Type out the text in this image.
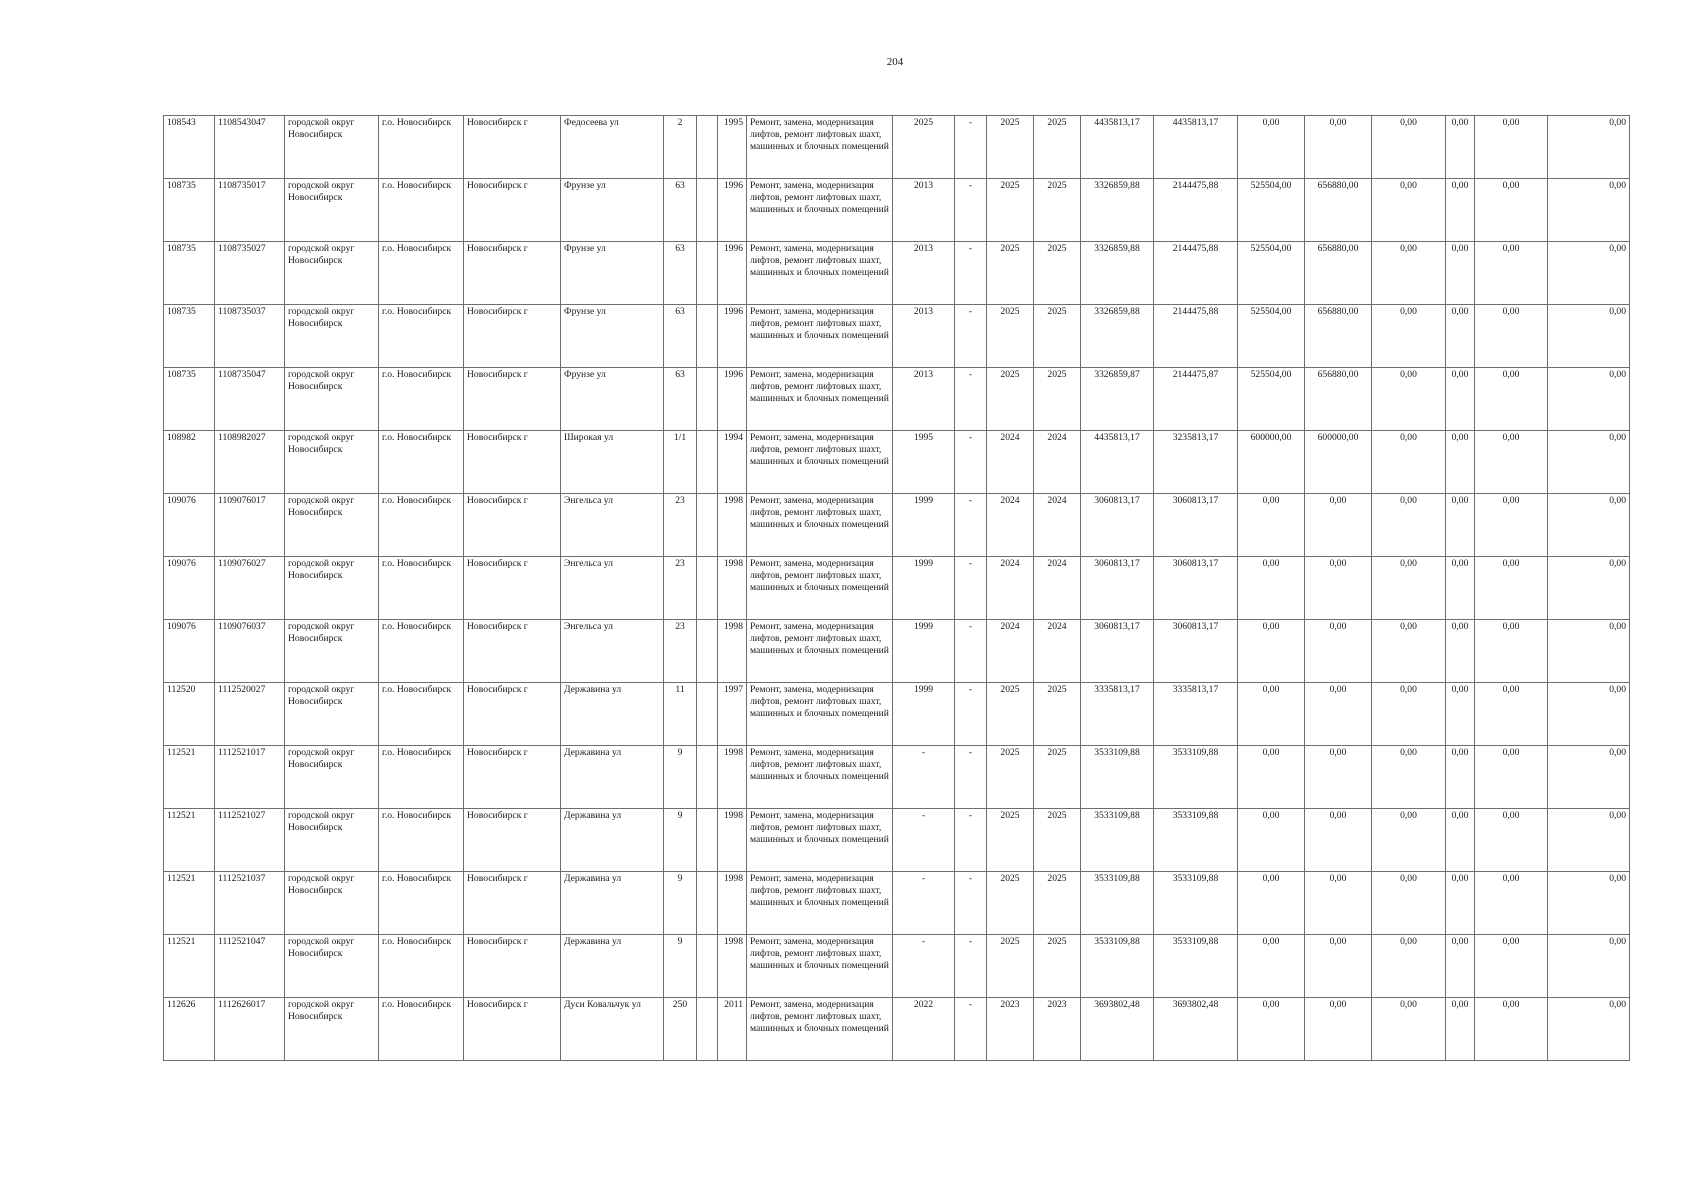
204
108543	1108543047	городской округ Новосибирск	г.о. Новосибирск	Новосибирск г	Федосеева ул	2		1995	Ремонт, замена, модернизация лифтов, ремонт лифтовых шахт, машинных и блочных помещений	2025	-	2025	2025	4435813,17	4435813,17	0,00	0,00	0,00	0,00	0,00	0,00
108735	1108735017	городской округ Новосибирск	г.о. Новосибирск	Новосибирск г	Фрунзе ул	63		1996	Ремонт, замена, модернизация лифтов, ремонт лифтовых шахт, машинных и блочных помещений	2013	-	2025	2025	3326859,88	2144475,88	525504,00	656880,00	0,00	0,00	0,00	0,00
108735	1108735027	городской округ Новосибирск	г.о. Новосибирск	Новосибирск г	Фрунзе ул	63		1996	Ремонт, замена, модернизация лифтов, ремонт лифтовых шахт, машинных и блочных помещений	2013	-	2025	2025	3326859,88	2144475,88	525504,00	656880,00	0,00	0,00	0,00	0,00
108735	1108735037	городской округ Новосибирск	г.о. Новосибирск	Новосибирск г	Фрунзе ул	63		1996	Ремонт, замена, модернизация лифтов, ремонт лифтовых шахт, машинных и блочных помещений	2013	-	2025	2025	3326859,88	2144475,88	525504,00	656880,00	0,00	0,00	0,00	0,00
108735	1108735047	городской округ Новосибирск	г.о. Новосибирск	Новосибирск г	Фрунзе ул	63		1996	Ремонт, замена, модернизация лифтов, ремонт лифтовых шахт, машинных и блочных помещений	2013	-	2025	2025	3326859,87	2144475,87	525504,00	656880,00	0,00	0,00	0,00	0,00
108982	1108982027	городской округ Новосибирск	г.о. Новосибирск	Новосибирск г	Широкая ул	1/1		1994	Ремонт, замена, модернизация лифтов, ремонт лифтовых шахт, машинных и блочных помещений	1995	-	2024	2024	4435813,17	3235813,17	600000,00	600000,00	0,00	0,00	0,00	0,00
109076	1109076017	городской округ Новосибирск	г.о. Новосибирск	Новосибирск г	Энгельса ул	23		1998	Ремонт, замена, модернизация лифтов, ремонт лифтовых шахт, машинных и блочных помещений	1999	-	2024	2024	3060813,17	3060813,17	0,00	0,00	0,00	0,00	0,00	0,00
109076	1109076027	городской округ Новосибирск	г.о. Новосибирск	Новосибирск г	Энгельса ул	23		1998	Ремонт, замена, модернизация лифтов, ремонт лифтовых шахт, машинных и блочных помещений	1999	-	2024	2024	3060813,17	3060813,17	0,00	0,00	0,00	0,00	0,00	0,00
109076	1109076037	городской округ Новосибирск	г.о. Новосибирск	Новосибирск г	Энгельса ул	23		1998	Ремонт, замена, модернизация лифтов, ремонт лифтовых шахт, машинных и блочных помещений	1999	-	2024	2024	3060813,17	3060813,17	0,00	0,00	0,00	0,00	0,00	0,00
112520	1112520027	городской округ Новосибирск	г.о. Новосибирск	Новосибирск г	Державина ул	11		1997	Ремонт, замена, модернизация лифтов, ремонт лифтовых шахт, машинных и блочных помещений	1999	-	2025	2025	3335813,17	3335813,17	0,00	0,00	0,00	0,00	0,00	0,00
112521	1112521017	городской округ Новосибирск	г.о. Новосибирск	Новосибирск г	Державина ул	9		1998	Ремонт, замена, модернизация лифтов, ремонт лифтовых шахт, машинных и блочных помещений	-	-	2025	2025	3533109,88	3533109,88	0,00	0,00	0,00	0,00	0,00	0,00
112521	1112521027	городской округ Новосибирск	г.о. Новосибирск	Новосибирск г	Державина ул	9		1998	Ремонт, замена, модернизация лифтов, ремонт лифтовых шахт, машинных и блочных помещений	-	-	2025	2025	3533109,88	3533109,88	0,00	0,00	0,00	0,00	0,00	0,00
112521	1112521037	городской округ Новосибирск	г.о. Новосибирск	Новосибирск г	Державина ул	9		1998	Ремонт, замена, модернизация лифтов, ремонт лифтовых шахт, машинных и блочных помещений	-	-	2025	2025	3533109,88	3533109,88	0,00	0,00	0,00	0,00	0,00	0,00
112521	1112521047	городской округ Новосибирск	г.о. Новосибирск	Новосибирск г	Державина ул	9		1998	Ремонт, замена, модернизация лифтов, ремонт лифтовых шахт, машинных и блочных помещений	-	-	2025	2025	3533109,88	3533109,88	0,00	0,00	0,00	0,00	0,00	0,00
112626	1112626017	городской округ Новосибирск	г.о. Новосибирск	Новосибирск г	Дуси Ковальчук ул	250		2011	Ремонт, замена, модернизация лифтов, ремонт лифтовых шахт, машинных и блочных помещений	2022	-	2023	2023	3693802,48	3693802,48	0,00	0,00	0,00	0,00	0,00	0,00
